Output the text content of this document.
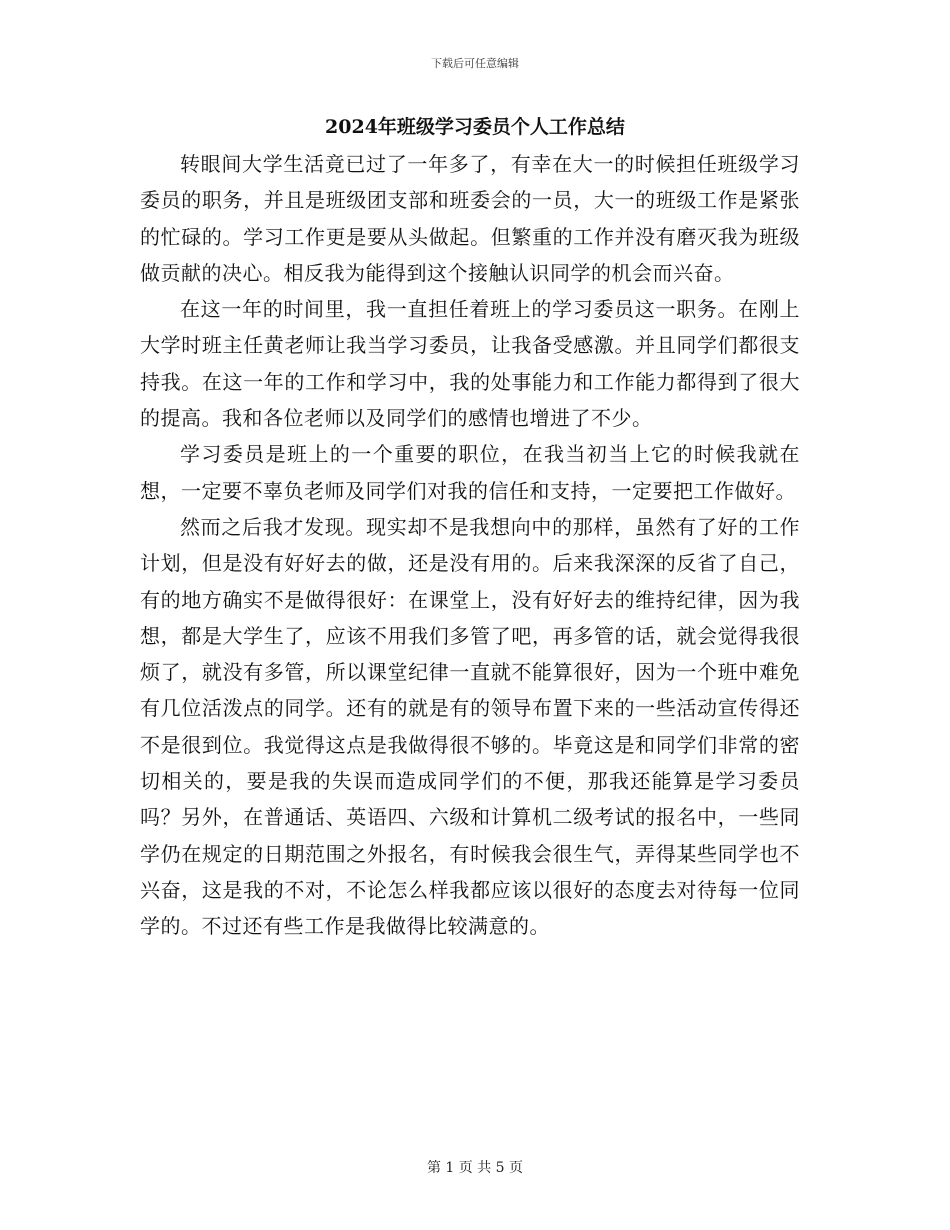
下载后可任意编辑
2024年班级学习委员个人工作总结

转眼间大学生活竟已过了一年多了，有幸在大一的时候担任班级学习委员的职务，并且是班级团支部和班委会的一员，大一的班级工作是紧张的忙碌的。学习工作更是要从头做起。但繁重的工作并没有磨灭我为班级做贡献的决心。相反我为能得到这个接触认识同学的机会而兴奋。

在这一年的时间里，我一直担任着班上的学习委员这一职务。在刚上大学时班主任黄老师让我当学习委员，让我备受感激。并且同学们都很支持我。在这一年的工作和学习中，我的处事能力和工作能力都得到了很大的提高。我和各位老师以及同学们的感情也增进了不少。

学习委员是班上的一个重要的职位，在我当初当上它的时候我就在想，一定要不辜负老师及同学们对我的信任和支持，一定要把工作做好。

然而之后我才发现。现实却不是我想向中的那样，虽然有了好的工作计划，但是没有好好去的做，还是没有用的。后来我深深的反省了自己，有的地方确实不是做得很好：在课堂上，没有好好去的维持纪律，因为我想，都是大学生了，应该不用我们多管了吧，再多管的话，就会觉得我很烦了，就没有多管，所以课堂纪律一直就不能算很好，因为一个班中难免有几位活泼点的同学。还有的就是有的领导布置下来的一些活动宣传得还不是很到位。我觉得这点是我做得很不够的。毕竟这是和同学们非常的密切相关的，要是我的失误而造成同学们的不便，那我还能算是学习委员吗？另外，在普通话、英语四、六级和计算机二级考试的报名中，一些同学仍在规定的日期范围之外报名，有时候我会很生气，弄得某些同学也不兴奋，这是我的不对，不论怎么样我都应该以很好的态度去对待每一位同学的。不过还有些工作是我做得比较满意的。

第 1 页 共 5 页
